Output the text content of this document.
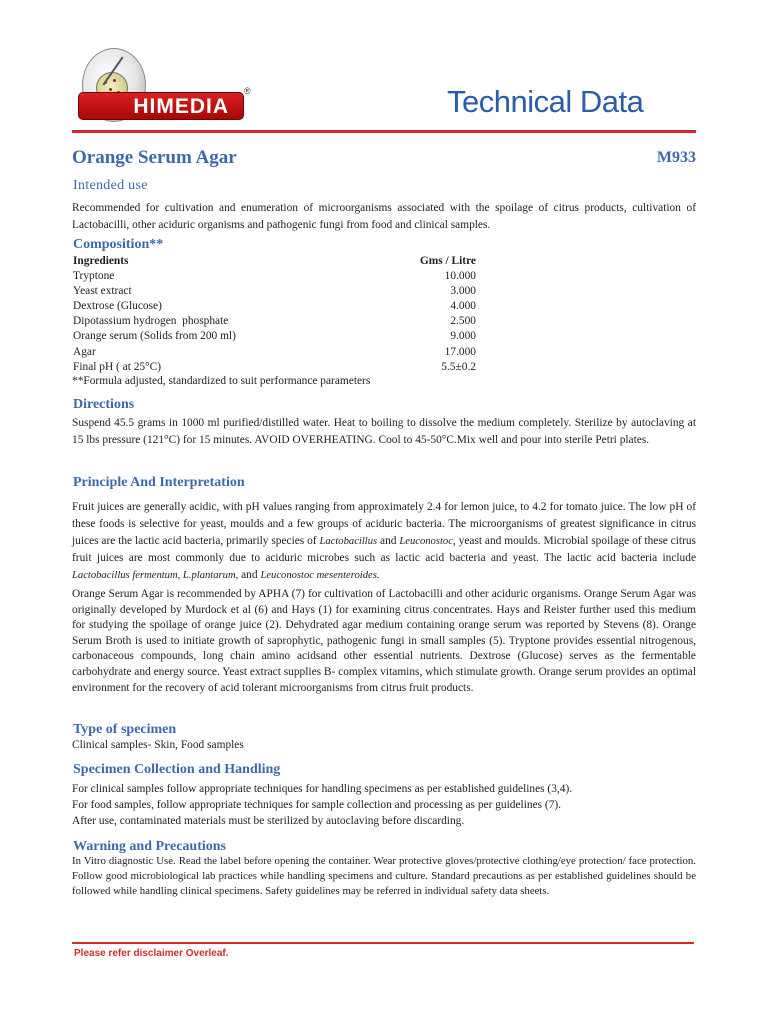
HIMEDIA
®	Technical Data
Orange Serum Agar	M933
Intended use
Recommended for cultivation and enumeration of microorganisms associated with the spoilage of citrus products, cultivation of Lactobacilli, other aciduric organisms and pathogenic fungi from food and clinical samples.
Composition**
Ingredients	Gms / Litre
Tryptone	10.000
Yeast extract	3.000
Dextrose (Glucose)	4.000
Dipotassium hydrogen  phosphate	2.500
Orange serum (Solids from 200 ml)	9.000
Agar	17.000
Final pH ( at 25°C)	5.5±0.2
**Formula adjusted, standardized to suit performance parameters
Directions
Suspend 45.5 grams in 1000 ml purified/distilled water. Heat to boiling to dissolve the medium completely. Sterilize by autoclaving at 15 lbs pressure (121°C) for 15 minutes. AVOID OVERHEATING. Cool to 45-50°C.Mix well and pour into sterile Petri plates.
Principle And Interpretation
Fruit juices are generally acidic, with pH values ranging from approximately 2.4 for lemon juice, to 4.2 for tomato juice. The low pH of these foods is selective for yeast, moulds and a few groups of aciduric bacteria. The microorganisms of greatest significance in citrus juices are the lactic acid bacteria, primarily species of Lactobacillus and Leuconostoc, yeast and moulds. Microbial spoilage of these citrus fruit juices are most commonly due to aciduric microbes such as lactic acid bacteria and yeast. The lactic acid bacteria include Lactobacillus fermentum, L.plantarum, and Leuconostoc mesenteroides.
Orange Serum Agar is recommended by APHA (7) for cultivation of Lactobacilli and other aciduric organisms. Orange Serum Agar was originally developed by Murdock et al (6) and Hays (1) for examining citrus concentrates. Hays and Reister further used this medium for studying the spoilage of orange juice (2). Dehydrated agar medium containing orange serum was reported by Stevens (8). Orange Serum Broth is used to initiate growth of saprophytic, pathogenic fungi in small samples (5). Tryptone provides essential nitrogenous, carbonaceous compounds, long chain amino acidsand other essential nutrients. Dextrose (Glucose) serves as the fermentable carbohydrate and energy source. Yeast extract supplies B- complex vitamins, which stimulate growth. Orange serum provides an optimal environment for the recovery of acid tolerant microorganisms from citrus fruit products.
Type of specimen
Clinical samples- Skin, Food samples
Specimen Collection and Handling
For clinical samples follow appropriate techniques for handling specimens as per established guidelines (3,4).
For food samples, follow appropriate techniques for sample collection and processing as per guidelines (7).
After use, contaminated materials must be sterilized by autoclaving before discarding.
Warning and Precautions
In Vitro diagnostic Use. Read the label before opening the container. Wear protective gloves/protective clothing/eye protection/ face protection. Follow good microbiological lab practices while handling specimens and culture. Standard precautions as per established guidelines should be followed while handling clinical specimens. Safety guidelines may be referred in individual safety data sheets.
Please refer disclaimer Overleaf.
